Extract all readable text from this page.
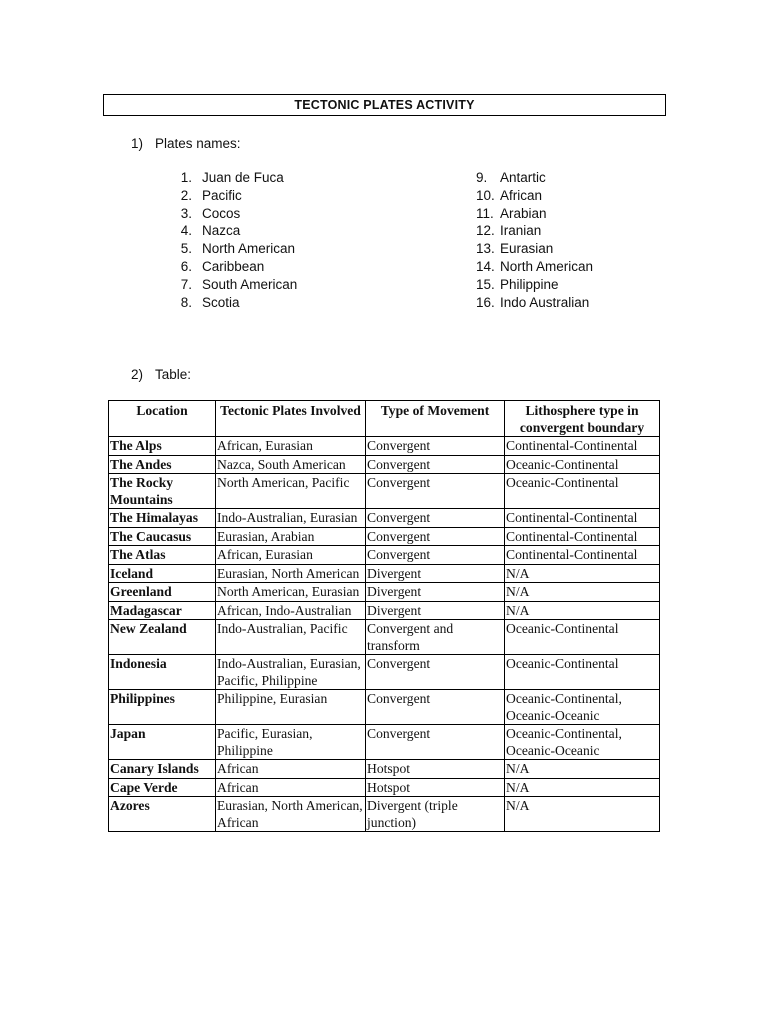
TECTONIC PLATES ACTIVITY
1) Plates names:
1. Juan de Fuca
2. Pacific
3. Cocos
4. Nazca
5. North American
6. Caribbean
7. South American
8. Scotia
9. Antartic
10. African
11. Arabian
12. Iranian
13. Eurasian
14. North American
15. Philippine
16. Indo Australian
2) Table:
Location	Tectonic Plates Involved	Type of Movement	Lithosphere type in convergent boundary
The Alps	African, Eurasian	Convergent	Continental-Continental
The Andes	Nazca, South American	Convergent	Oceanic-Continental
The Rocky Mountains	North American, Pacific	Convergent	Oceanic-Continental
The Himalayas	Indo-Australian, Eurasian	Convergent	Continental-Continental
The Caucasus	Eurasian, Arabian	Convergent	Continental-Continental
The Atlas	African, Eurasian	Convergent	Continental-Continental
Iceland	Eurasian, North American	Divergent	N/A
Greenland	North American, Eurasian	Divergent	N/A
Madagascar	African, Indo-Australian	Divergent	N/A
New Zealand	Indo-Australian, Pacific	Convergent and transform	Oceanic-Continental
Indonesia	Indo-Australian, Eurasian, Pacific, Philippine	Convergent	Oceanic-Continental
Philippines	Philippine, Eurasian	Convergent	Oceanic-Continental, Oceanic-Oceanic
Japan	Pacific, Eurasian, Philippine	Convergent	Oceanic-Continental, Oceanic-Oceanic
Canary Islands	African	Hotspot	N/A
Cape Verde	African	Hotspot	N/A
Azores	Eurasian, North American, African	Divergent (triple junction)	N/A
